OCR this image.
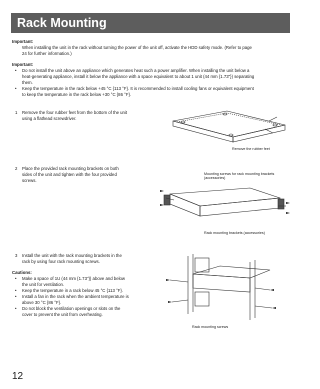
Rack Mounting
Important:
When installing the unit in the rack without turning the power of the unit off, activate the HDD safety mode. (Refer to page
24 for further information.)
Important:
• Do not install the unit above an appliance which generates heat such a power amplifier. When installing the unit below a
heat-generating appliance, install it below the appliance with a space equivalent to about 1 unit (44 mm {1.73"}) separating
them.
• Keep the temperature in the rack below +45 °C {113 °F}. It is recommended to install cooling fans or equivalent equipment
to keep the temperature in the rack below +30 °C {86 °F}.
1 Remove the four rubber feet from the bottom of the unit
using a flathead screwdriver.
Remove the rubber feet
2 Place the provided rack mounting brackets on both
sides of the unit and tighten with the four provided
screws.
Mounting screws for rack mounting brackets
(accessories)
Rack mounting brackets (accessories)
3 Install the unit with the rack mounting brackets in the
rack by using four rack mounting screws.
Cautions:
• Make a space of 1U (44 mm {1.73"}) above and below
the unit for ventilation.
• Keep the temperature in a rack below 45 °C {113 °F}.
• Install a fan in the rack when the ambient temperature is
above 30 °C {86 °F}.
• Do not block the ventilation openings or slots on the
cover to prevent the unit from overheating.
Rack mounting screws
12
